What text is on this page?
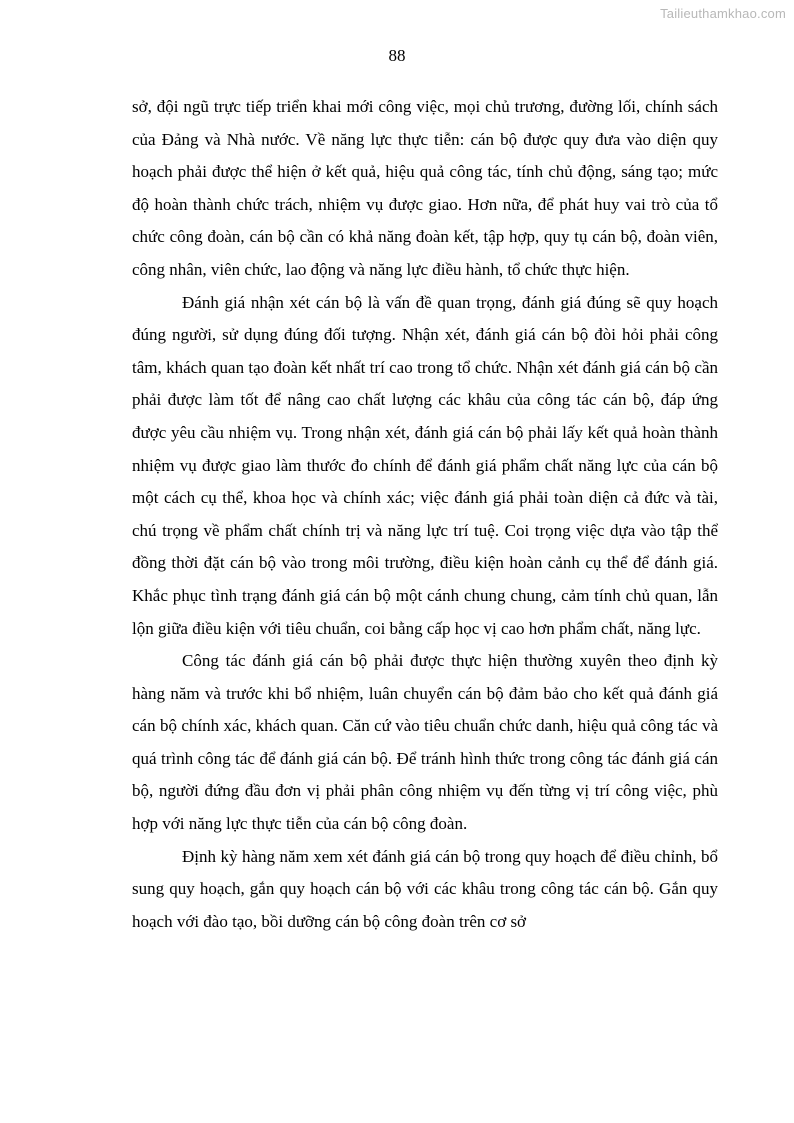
Tailieuthamkhao.com
88

sở, đội ngũ trực tiếp triển khai mới công việc, mọi chủ trương, đường lối, chính sách của Đảng và Nhà nước. Về năng lực thực tiễn: cán bộ được quy đưa vào diện quy hoạch phải được thể hiện ở kết quả, hiệu quả công tác, tính chủ động, sáng tạo; mức độ hoàn thành chức trách, nhiệm vụ được giao. Hơn nữa, để phát huy vai trò của tổ chức công đoàn, cán bộ cần có khả năng đoàn kết, tập hợp, quy tụ cán bộ, đoàn viên, công nhân, viên chức, lao động và năng lực điều hành, tổ chức thực hiện.

Đánh giá nhận xét cán bộ là vấn đề quan trọng, đánh giá đúng sẽ quy hoạch đúng người, sử dụng đúng đối tượng. Nhận xét, đánh giá cán bộ đòi hỏi phải công tâm, khách quan tạo đoàn kết nhất trí cao trong tổ chức. Nhận xét đánh giá cán bộ cần phải được làm tốt để nâng cao chất lượng các khâu của công tác cán bộ, đáp ứng được yêu cầu nhiệm vụ. Trong nhận xét, đánh giá cán bộ phải lấy kết quả hoàn thành nhiệm vụ được giao làm thước đo chính để đánh giá phẩm chất năng lực của cán bộ một cách cụ thể, khoa học và chính xác; việc đánh giá phải toàn diện cả đức và tài, chú trọng về phẩm chất chính trị và năng lực trí tuệ. Coi trọng việc dựa vào tập thể đồng thời đặt cán bộ vào trong môi trường, điều kiện hoàn cảnh cụ thể để đánh giá. Khắc phục tình trạng đánh giá cán bộ một cánh chung chung, cảm tính chủ quan, lẫn lộn giữa điều kiện với tiêu chuẩn, coi bằng cấp học vị cao hơn phẩm chất, năng lực.

Công tác đánh giá cán bộ phải được thực hiện thường xuyên theo định kỳ hàng năm và trước khi bổ nhiệm, luân chuyển cán bộ đảm bảo cho kết quả đánh giá cán bộ chính xác, khách quan. Căn cứ vào tiêu chuẩn chức danh, hiệu quả công tác và quá trình công tác để đánh giá cán bộ. Để tránh hình thức trong công tác đánh giá cán bộ, người đứng đầu đơn vị phải phân công nhiệm vụ đến từng vị trí công việc, phù hợp với năng lực thực tiễn của cán bộ công đoàn.

Định kỳ hàng năm xem xét đánh giá cán bộ trong quy hoạch để điều chỉnh, bổ sung quy hoạch, gắn quy hoạch cán bộ với các khâu trong công tác cán bộ. Gắn quy hoạch với đào tạo, bồi dưỡng cán bộ công đoàn trên cơ sở
